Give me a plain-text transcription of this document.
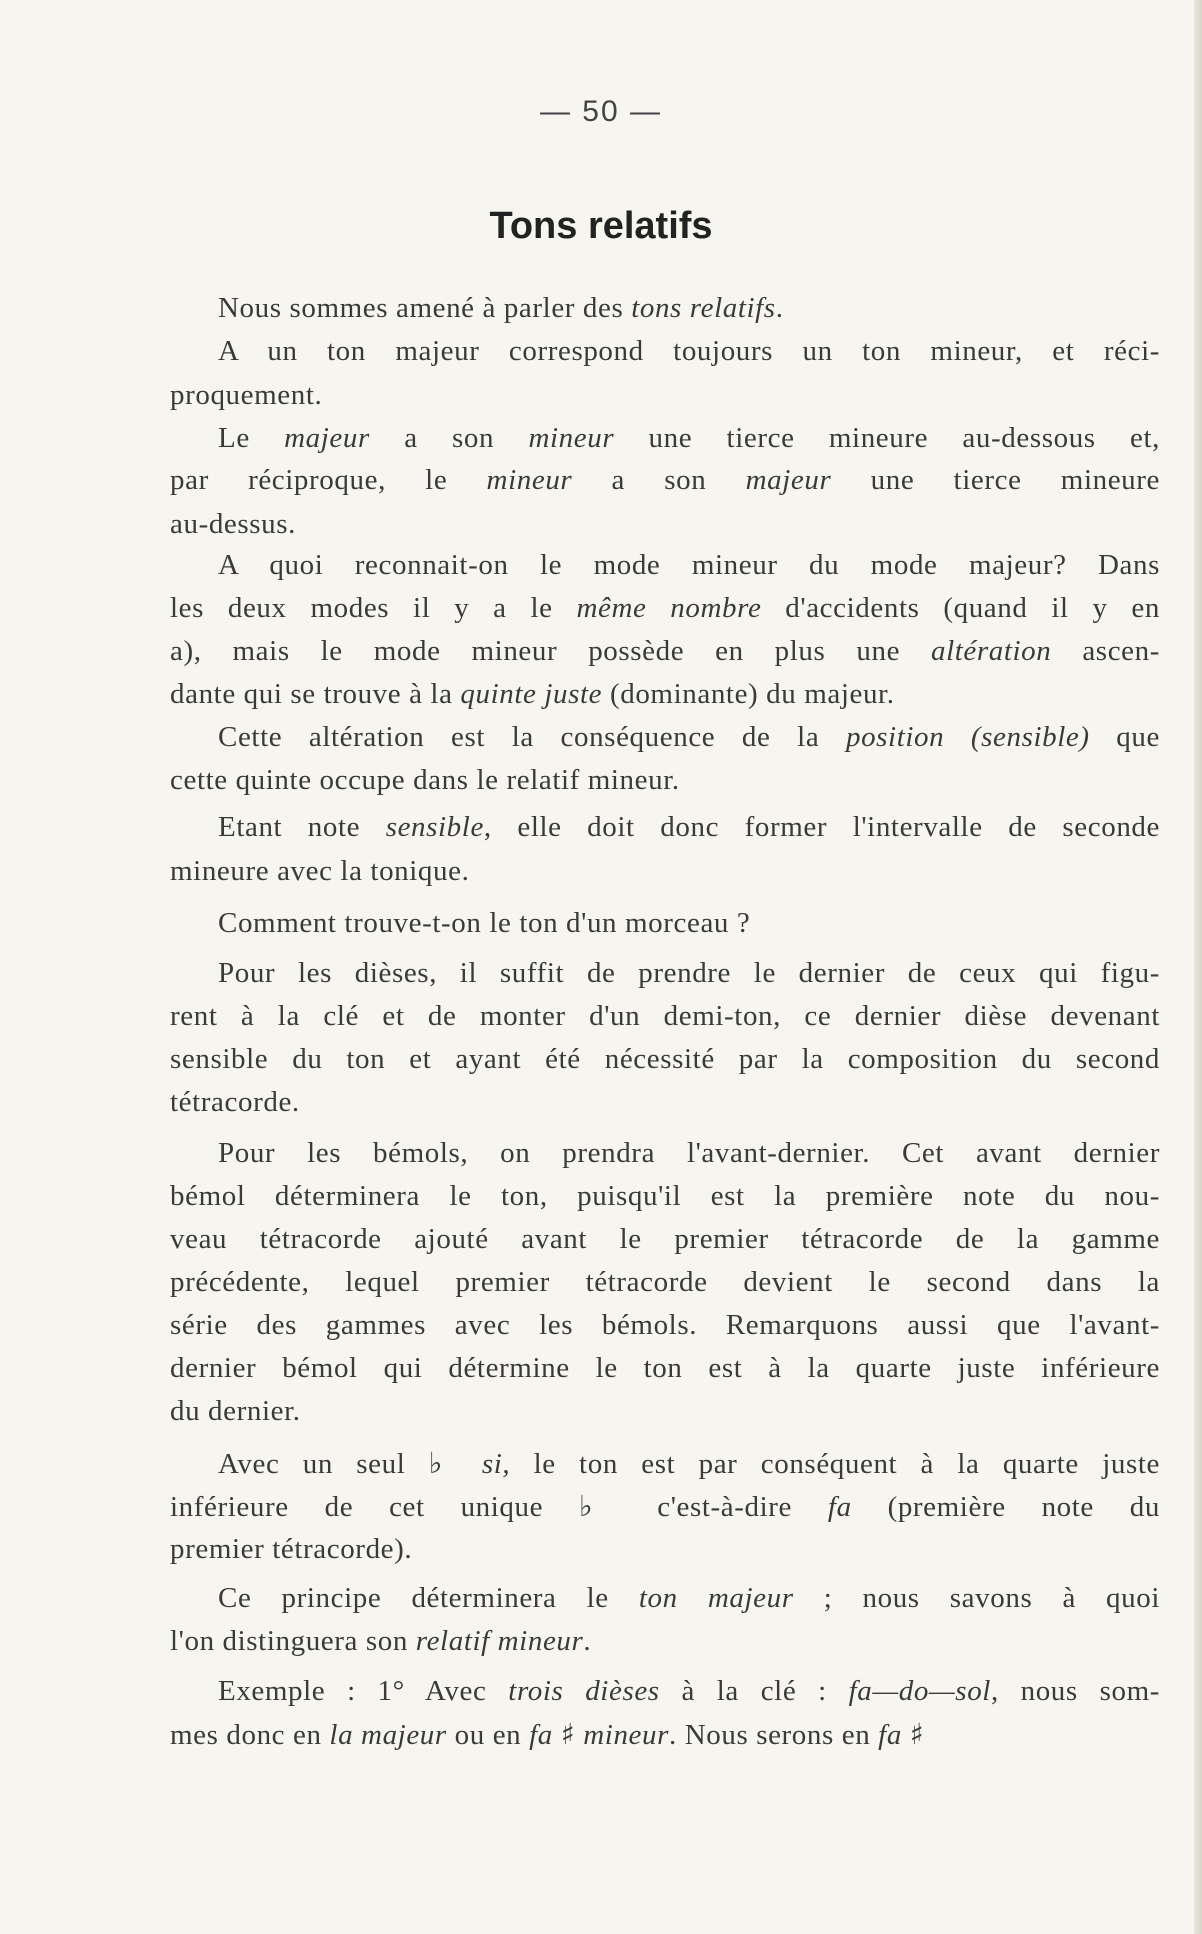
— 50 —
Tons relatifs
Nous sommes amené à parler des tons relatifs.
A un ton majeur correspond toujours un ton mineur, et réci-
proquement.
Le majeur a son mineur une tierce mineure au-dessous et,
par réciproque, le mineur a son majeur une tierce mineure
au-dessus.
A quoi reconnait-on le mode mineur du mode majeur? Dans
les deux modes il y a le même nombre d'accidents (quand il y en
a), mais le mode mineur possède en plus une altération ascen-
dante qui se trouve à la quinte juste (dominante) du majeur.
Cette altération est la conséquence de la position (sensible) que
cette quinte occupe dans le relatif mineur.
Etant note sensible, elle doit donc former l'intervalle de seconde
mineure avec la tonique.
Comment trouve-t-on le ton d'un morceau ?
Pour les dièses, il suffit de prendre le dernier de ceux qui figu-
rent à la clé et de monter d'un demi-ton, ce dernier dièse devenant
sensible du ton et ayant été nécessité par la composition du second
tétracorde.
Pour les bémols, on prendra l'avant-dernier. Cet avant dernier
bémol déterminera le ton, puisqu'il est la première note du nou-
veau tétracorde ajouté avant le premier tétracorde de la gamme
précédente, lequel premier tétracorde devient le second dans la
série des gammes avec les bémols. Remarquons aussi que l'avant-
dernier bémol qui détermine le ton est à la quarte juste inférieure
du dernier.
Avec un seul ♭ si, le ton est par conséquent à la quarte juste
inférieure de cet unique ♭ c'est-à-dire fa (première note du
premier tétracorde).
Ce principe déterminera le ton majeur ; nous savons à quoi
l'on distinguera son relatif mineur.
Exemple : 1° Avec trois dièses à la clé : fa—do—sol, nous som-
mes donc en la majeur ou en fa ♯ mineur. Nous serons en fa ♯
